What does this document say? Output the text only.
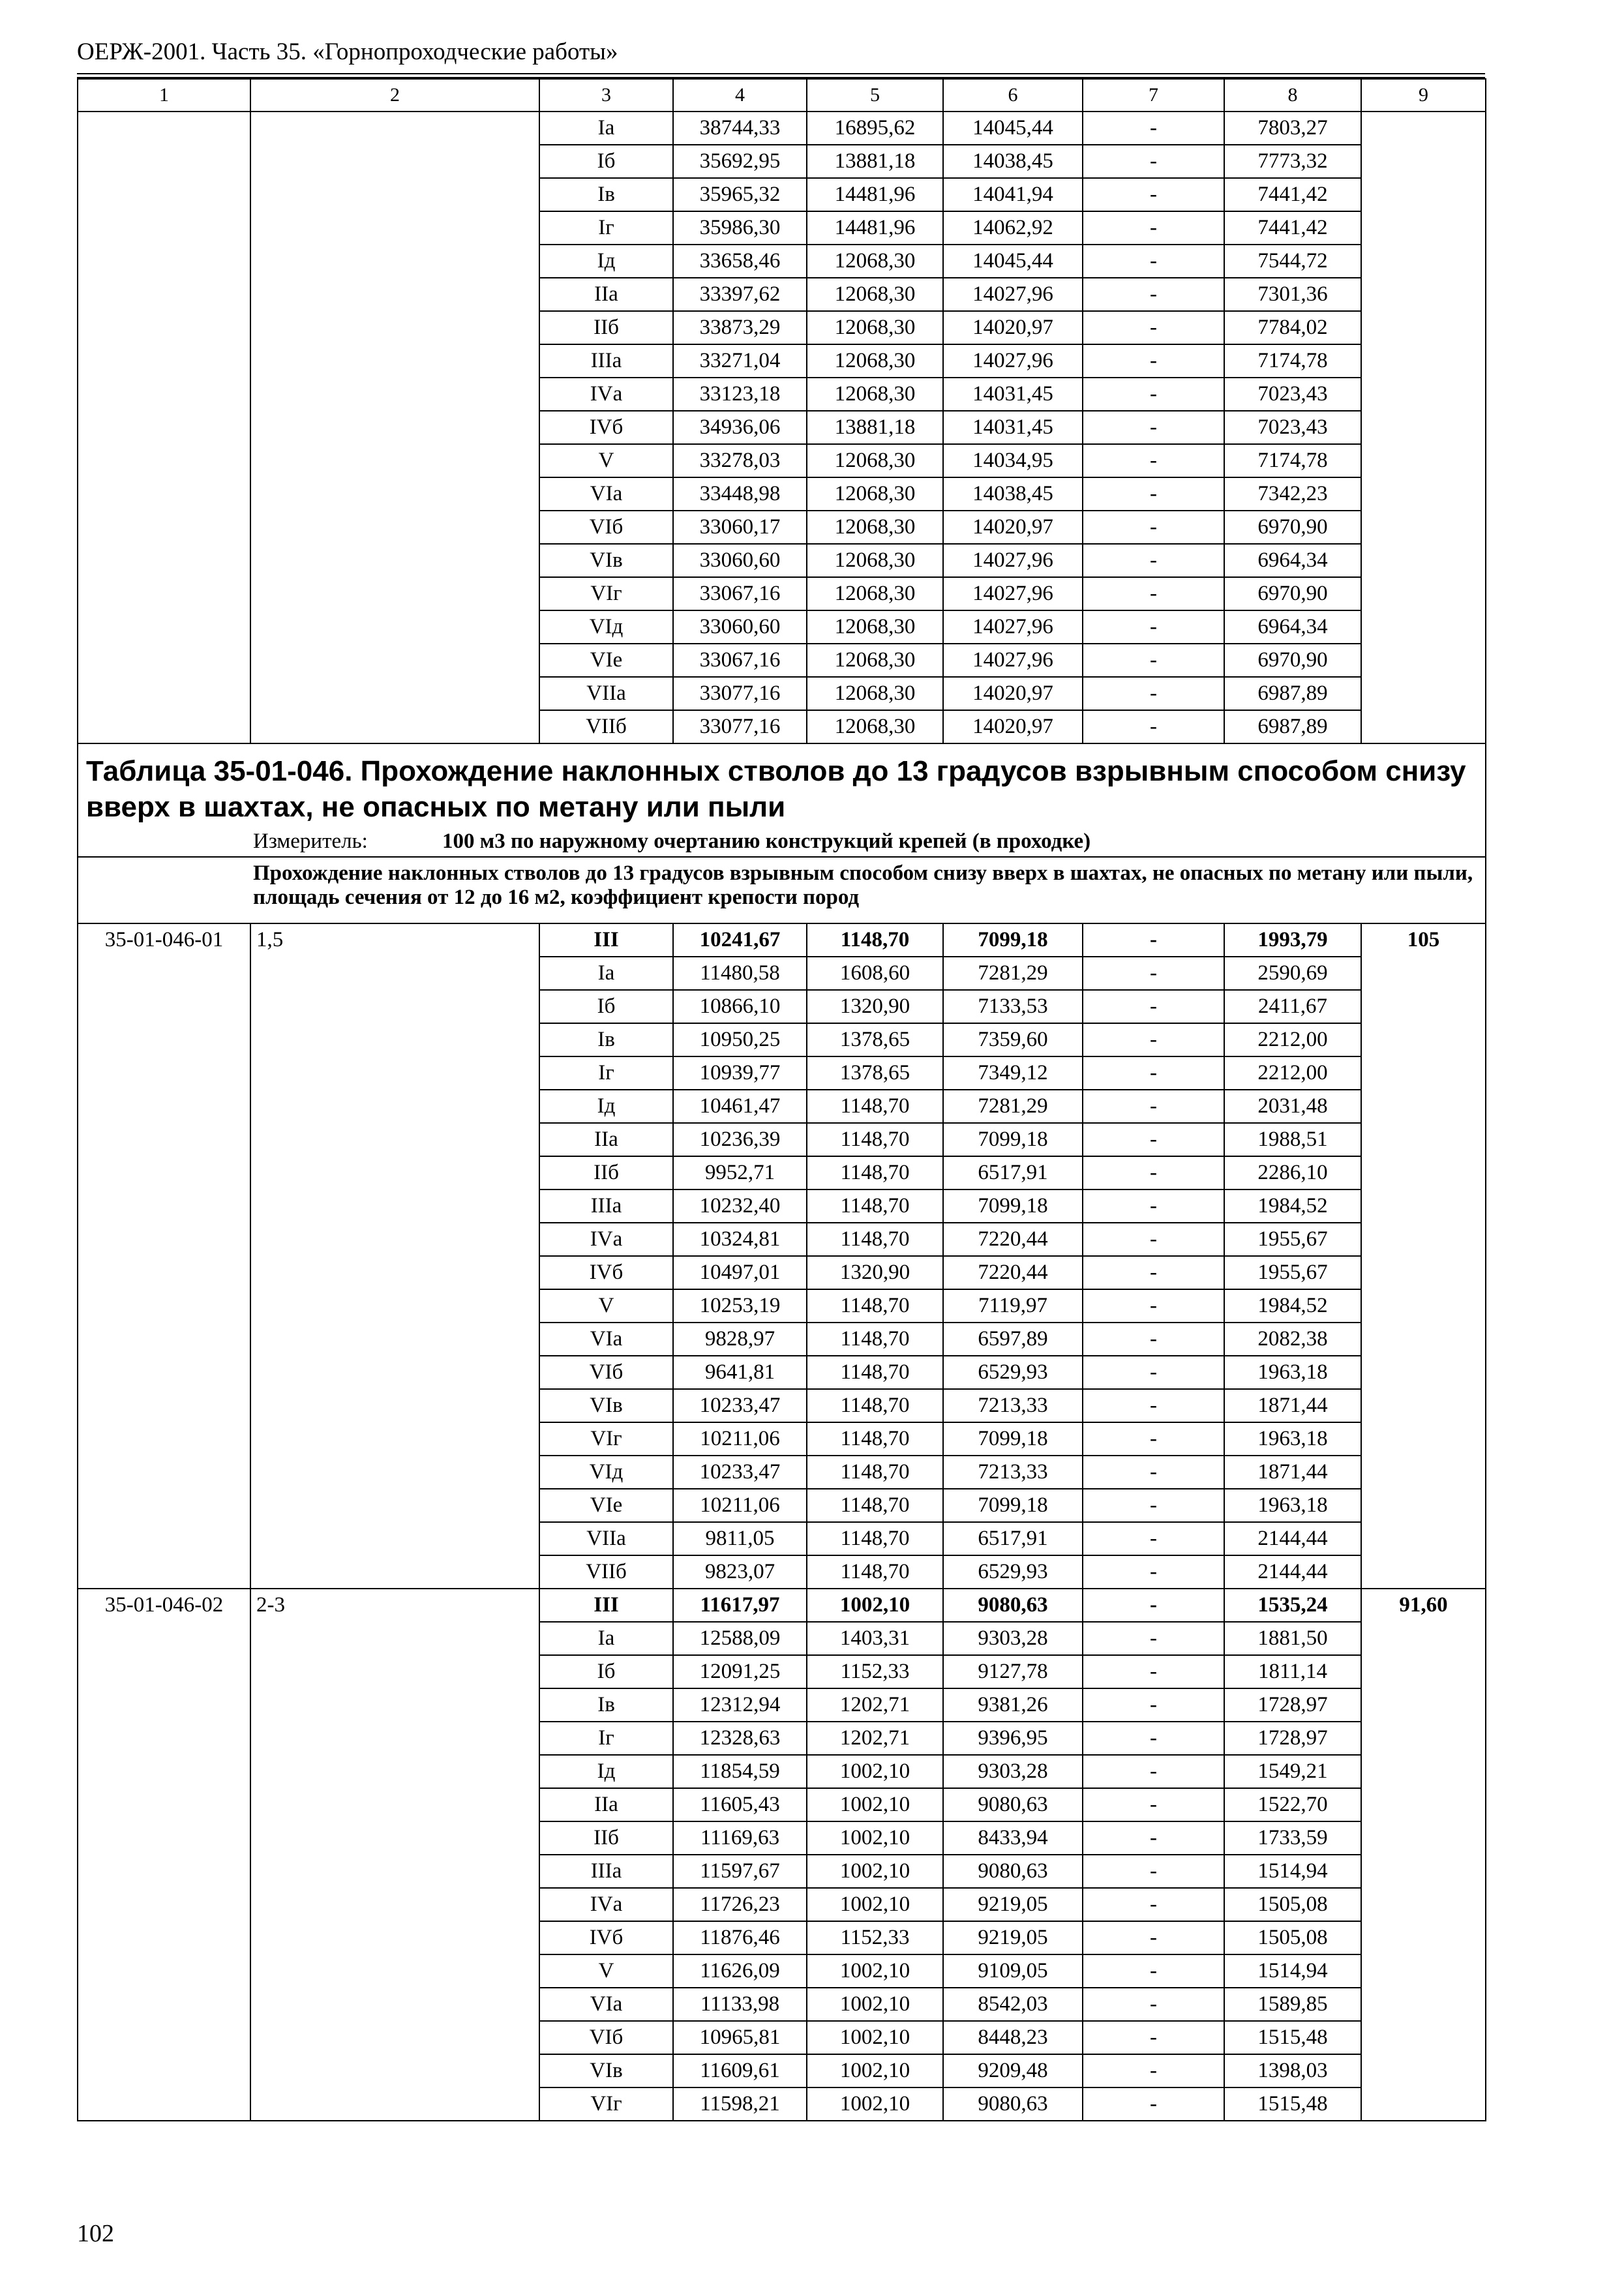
ОЕРЖ-2001. Часть 35. «Горнопроходческие работы»
1	2	3	4	5	6	7	8	9
		Iа	38744,33	16895,62	14045,44	-	7803,27	
		Iб	35692,95	13881,18	14038,45	-	7773,32	
		Iв	35965,32	14481,96	14041,94	-	7441,42	
		Iг	35986,30	14481,96	14062,92	-	7441,42	
		Iд	33658,46	12068,30	14045,44	-	7544,72	
		IIа	33397,62	12068,30	14027,96	-	7301,36	
		IIб	33873,29	12068,30	14020,97	-	7784,02	
		IIIа	33271,04	12068,30	14027,96	-	7174,78	
		IVа	33123,18	12068,30	14031,45	-	7023,43	
		IVб	34936,06	13881,18	14031,45	-	7023,43	
		V	33278,03	12068,30	14034,95	-	7174,78	
		VIа	33448,98	12068,30	14038,45	-	7342,23	
		VIб	33060,17	12068,30	14020,97	-	6970,90	
		VIв	33060,60	12068,30	14027,96	-	6964,34	
		VIг	33067,16	12068,30	14027,96	-	6970,90	
		VIд	33060,60	12068,30	14027,96	-	6964,34	
		VIе	33067,16	12068,30	14027,96	-	6970,90	
		VIIа	33077,16	12068,30	14020,97	-	6987,89	
		VIIб	33077,16	12068,30	14020,97	-	6987,89	

Таблица 35-01-046. Прохождение наклонных стволов до 13 градусов взрывным способом снизу вверх в шахтах, не опасных по метану или пыли								

Измеритель: 100 м3 по наружному очертанию конструкций крепей (в проходке)								

	Прохождение наклонных стволов до 13 градусов взрывным способом снизу вверх в шахтах, не опасных по метану или пыли, площадь сечения от 12 до 16 м2, коэффициент крепости пород							

35-01-046-01	1,5	III	10241,67	1148,70	7099,18	-	1993,79	105
		Iа	11480,58	1608,60	7281,29	-	2590,69	
		Iб	10866,10	1320,90	7133,53	-	2411,67	
		Iв	10950,25	1378,65	7359,60	-	2212,00	
		Iг	10939,77	1378,65	7349,12	-	2212,00	
		Iд	10461,47	1148,70	7281,29	-	2031,48	
		IIа	10236,39	1148,70	7099,18	-	1988,51	
		IIб	9952,71	1148,70	6517,91	-	2286,10	
		IIIа	10232,40	1148,70	7099,18	-	1984,52	
		IVа	10324,81	1148,70	7220,44	-	1955,67	
		IVб	10497,01	1320,90	7220,44	-	1955,67	
		V	10253,19	1148,70	7119,97	-	1984,52	
		VIа	9828,97	1148,70	6597,89	-	2082,38	
		VIб	9641,81	1148,70	6529,93	-	1963,18	
		VIв	10233,47	1148,70	7213,33	-	1871,44	
		VIг	10211,06	1148,70	7099,18	-	1963,18	
		VIд	10233,47	1148,70	7213,33	-	1871,44	
		VIе	10211,06	1148,70	7099,18	-	1963,18	
		VIIа	9811,05	1148,70	6517,91	-	2144,44	
		VIIб	9823,07	1148,70	6529,93	-	2144,44	
35-01-046-02	2-3	III	11617,97	1002,10	9080,63	-	1535,24	91,60
		Iа	12588,09	1403,31	9303,28	-	1881,50	
		Iб	12091,25	1152,33	9127,78	-	1811,14	
		Iв	12312,94	1202,71	9381,26	-	1728,97	
		Iг	12328,63	1202,71	9396,95	-	1728,97	
		Iд	11854,59	1002,10	9303,28	-	1549,21	
		IIа	11605,43	1002,10	9080,63	-	1522,70	
		IIб	11169,63	1002,10	8433,94	-	1733,59	
		IIIа	11597,67	1002,10	9080,63	-	1514,94	
		IVа	11726,23	1002,10	9219,05	-	1505,08	
		IVб	11876,46	1152,33	9219,05	-	1505,08	
		V	11626,09	1002,10	9109,05	-	1514,94	
		VIа	11133,98	1002,10	8542,03	-	1589,85	
		VIб	10965,81	1002,10	8448,23	-	1515,48	
		VIв	11609,61	1002,10	9209,48	-	1398,03	
		VIг	11598,21	1002,10	9080,63	-	1515,48	
102
